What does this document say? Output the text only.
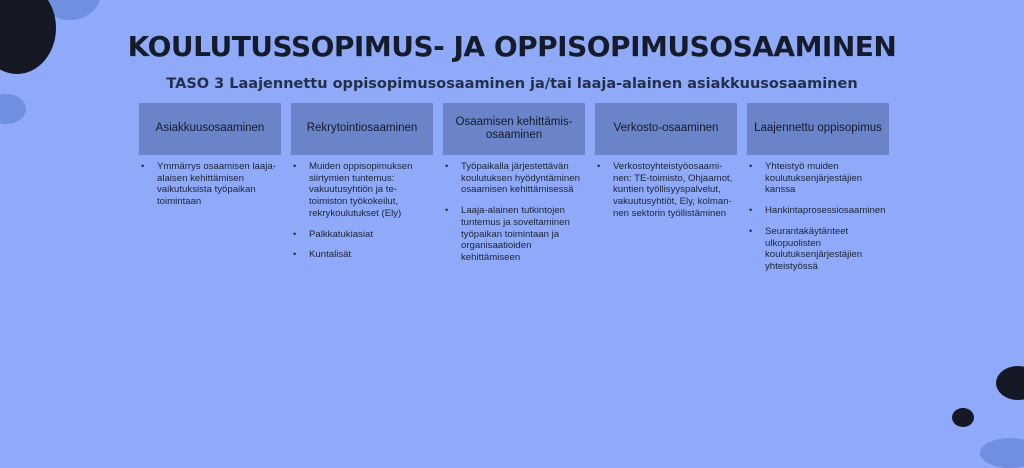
KOULUTUSSOPIMUS- JA OPPISOPIMUSOSAAMINEN
TASO 3 Laajennettu oppisopimusosaaminen ja/tai laaja-alainen asiakkuusosaaminen
Asiakkuusosaaminen
• Ymmärrys osaamisen laaja-alaisen kehittämisen vaikutuksista työpaikan toimintaan
Rekrytointiosaaminen
• Muiden oppisopimuksen siirtymien tuntemus: vakuutusyhtiön ja te-toimiston työkokeilut, rekrykoulutukset (Ely)
• Palkkatukiasiat
• Kuntalisät
Osaamisen kehittämis-osaaminen
• Työpaikalla järjestettävän koulutuksen hyödyntäminen osaamisen kehittämisessä
• Laaja-alainen tutkintojen tuntemus ja soveltaminen työpaikan toimintaan ja organisaatioiden kehittämiseen
Verkosto-osaaminen
• Verkostoyhteistyöosaami-nen: TE-toimisto, Ohjaamot, kuntien työllisyyspalvelut, vakuutusyhtiöt, Ely, kolman-nen sektorin työllistäminen
Laajennettu oppisopimus
• Yhteistyö muiden koulutuksenjärjestäjien kanssa
• Hankintaprosessiosaaminen
• Seurantakäytänteet ulkopuolisten koulutuksenjärjestäjien yhteistyössä
